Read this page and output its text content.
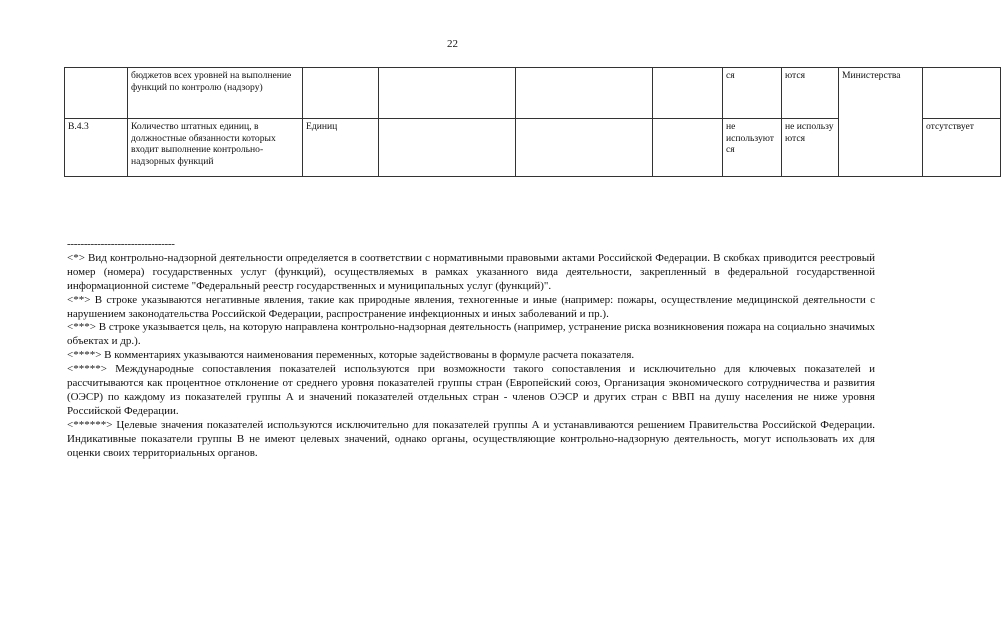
22
	бюджетов всех уровней на выполнение функций по контролю (надзору)					ся	ются	Министерства	
В.4.3	Количество штатных единиц, в должностные обязанности которых входит выполнение контрольно-надзорных функций	Единиц				не используют ся	не использу ются		отсутствует

--------------------------------

<*> Вид контрольно-надзорной деятельности определяется в соответствии с нормативными правовыми актами Российской Федерации. В скобках приводится реестровый номер (номера) государственных услуг (функций), осуществляемых в рамках указанного вида деятельности, закрепленный в федеральной государственной информационной системе "Федеральный реестр государственных и муниципальных услуг (функций)".

<**> В строке указываются негативные явления, такие как природные явления, техногенные и иные (например: пожары, осуществление медицинской деятельности с нарушением законодательства Российской Федерации, распространение инфекционных и иных заболеваний и пр.).

<***> В строке указывается цель, на которую направлена контрольно-надзорная деятельность (например, устранение риска возникновения пожара на социально значимых объектах и др.).

<****> В комментариях указываются наименования переменных, которые задействованы в формуле расчета показателя.

<*****> Международные сопоставления показателей используются при возможности такого сопоставления и исключительно для ключевых показателей и рассчитываются как процентное отклонение от среднего уровня показателей группы стран (Европейский союз, Организация экономического сотрудничества и развития (ОЭСР) по каждому из показателей группы А и значений показателей отдельных стран - членов ОЭСР и других стран с ВВП на душу населения не ниже уровня Российской Федерации.

<******> Целевые значения показателей используются исключительно для показателей группы А и устанавливаются решением Правительства Российской Федерации. Индикативные показатели группы В не имеют целевых значений, однако органы, осуществляющие контрольно-надзорную деятельность, могут использовать их для оценки своих территориальных органов.
